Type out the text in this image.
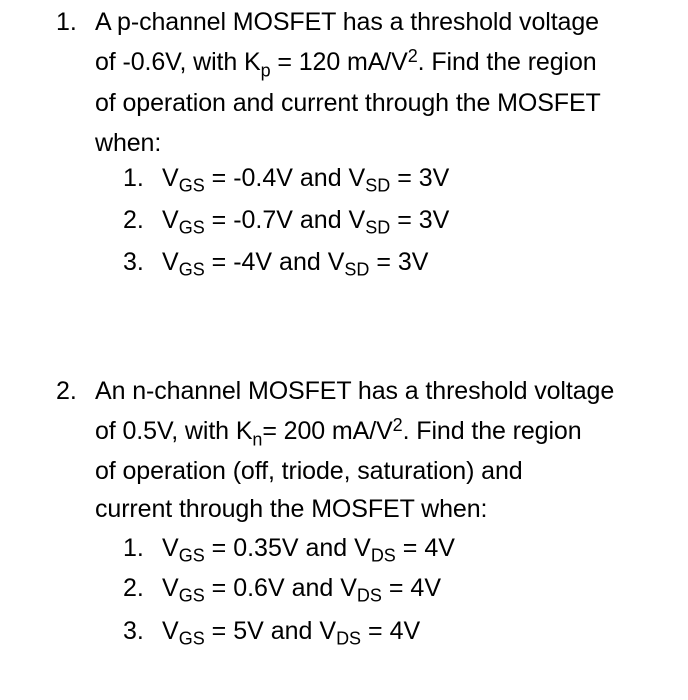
1. A p-channel MOSFET has a threshold voltage
of -0.6V, with $K_p = 120$ $mA/V^2$. Find the region
of operation and current through the MOSFET
when:
1. $V_{GS} = -0.4V$ and $V_{SD} = 3V$
2. $V_{GS} = -0.7V$ and $V_{SD} = 3V$
3. $V_{GS} = -4V$ and $V_{SD} = 3V$
2. An n-channel MOSFET has a threshold voltage
of 0.5V, with $K_n= 200$ $mA/V^2$. Find the region
of operation (off, triode, saturation) and
current through the MOSFET when:
1. $V_{GS} = 0.35V$ and $V_{DS} = 4V$
2. $V_{GS} = 0.6V$ and $V_{DS} = 4V$
3. $V_{GS} = 5V$ and $V_{DS} = 4V$
